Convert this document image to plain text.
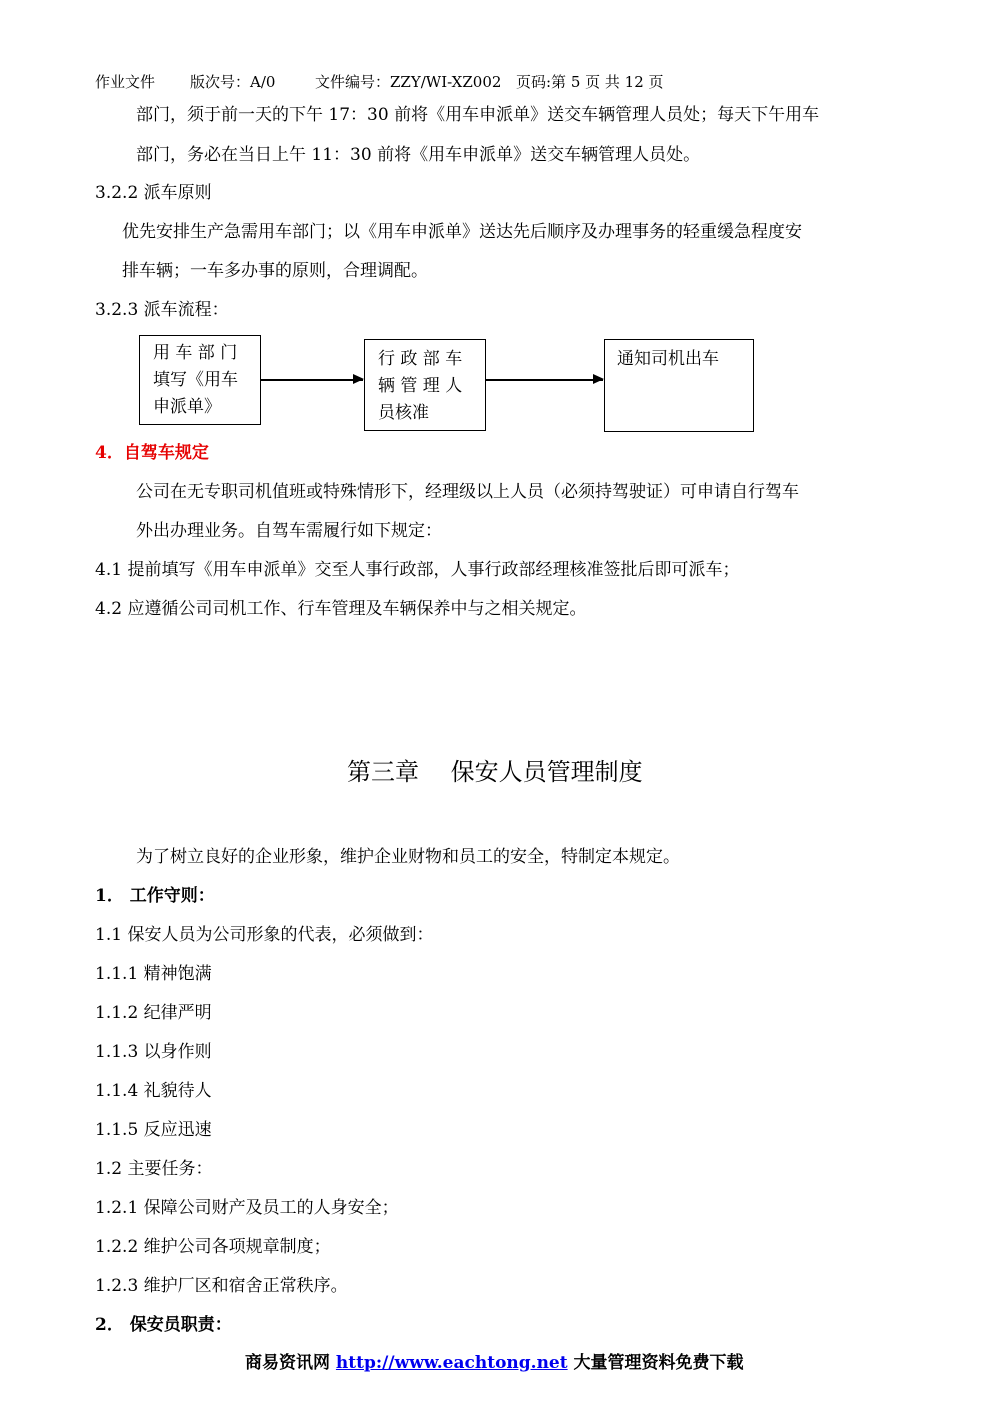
作业文件 版次号：A/0	文件编号：ZZY/WI-XZ002 页码:第 5 页 共 12 页
部门，须于前一天的下午 17：30 前将《用车申派单》送交车辆管理人员处；每天下午用车
部门，务必在当日上午 11：30 前将《用车申派单》送交车辆管理人员处。
3.2.2 派车原则
优先安排生产急需用车部门；以《用车申派单》送达先后顺序及办理事务的轻重缓急程度安
排车辆；一车多办事的原则，合理调配。
3.2.3 派车流程：
用 车 部 门
填写《用车
申派单》
行 政 部 车
辆 管 理 人
员核准
通知司机出车
4．自驾车规定
公司在无专职司机值班或特殊情形下，经理级以上人员（必须持驾驶证）可申请自行驾车
外出办理业务。自驾车需履行如下规定：
4.1 提前填写《用车申派单》交至人事行政部，人事行政部经理核准签批后即可派车；
4.2 应遵循公司司机工作、行车管理及车辆保养中与之相关规定。
第三章　 保安人员管理制度
为了树立良好的企业形象，维护企业财物和员工的安全，特制定本规定。
1． 工作守则：
1.1 保安人员为公司形象的代表，必须做到：
1.1.1 精神饱满
1.1.2 纪律严明
1.1.3 以身作则
1.1.4 礼貌待人
1.1.5 反应迅速
1.2 主要任务：
1.2.1 保障公司财产及员工的人身安全；
1.2.2 维护公司各项规章制度；
1.2.3 维护厂区和宿舍正常秩序。
2． 保安员职责：
商易资讯网 http://www.eachtong.net 大量管理资料免费下载
